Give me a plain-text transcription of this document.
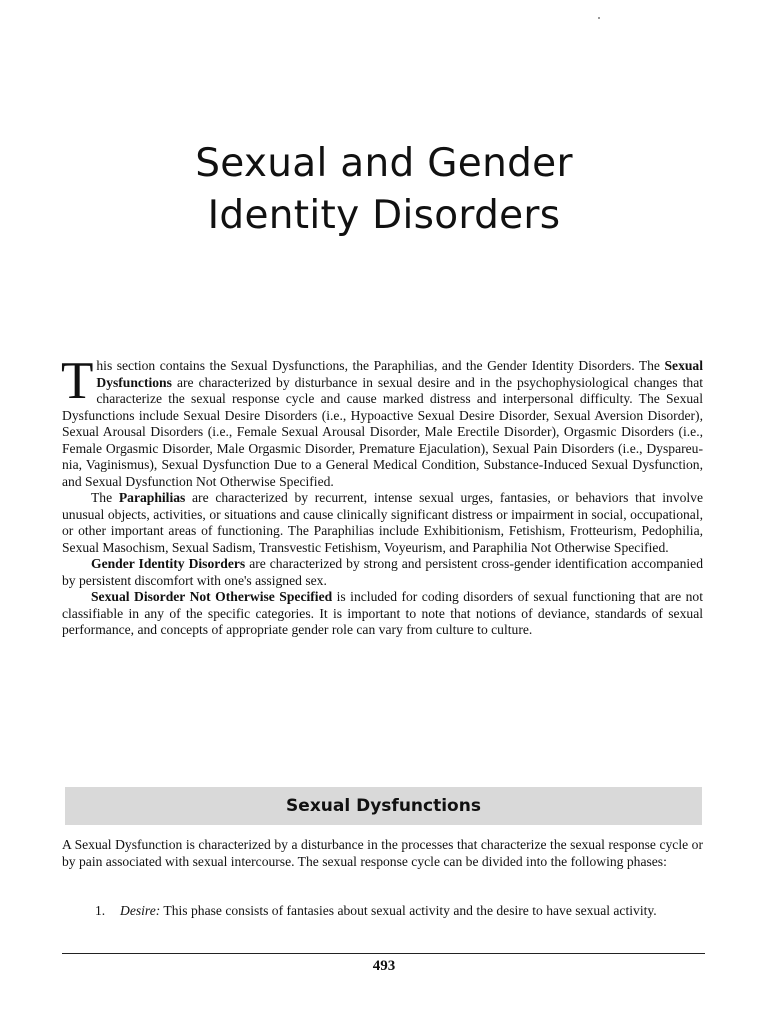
Sexual and Gender
Identity Disorders

This section contains the Sexual Dysfunctions, the Paraphilias, and the Gender Identity Disorders. The Sexual Dysfunctions are characterized by disturbance in sexual desire and in the psychophysiological changes that characterize the sexual response cycle and cause marked distress and interpersonal difficulty. The Sexual Dysfunctions include Sexual Desire Disorders (i.e., Hypoactive Sexual Desire Disorder, Sexual Aversion Disorder), Sexual Arousal Disorders (i.e., Female Sexual Arousal Disorder, Male Erectile Disorder), Orgasmic Disorders (i.e., Female Orgasmic Disorder, Male Orgasmic Disorder, Premature Ejaculation), Sexual Pain Disorders (i.e., Dyspareu-nia, Vaginismus), Sexual Dysfunction Due to a General Medical Condition, Substance-Induced Sexual Dysfunction, and Sexual Dysfunction Not Otherwise Specified.

The Paraphilias are characterized by recurrent, intense sexual urges, fantasies, or behaviors that involve unusual objects, activities, or situations and cause clinically significant distress or impairment in social, occupational, or other important areas of functioning. The Paraphilias include Exhibitionism, Fetishism, Frotteurism, Pedophilia, Sexual Masochism, Sexual Sadism, Transvestic Fetishism, Voyeurism, and Paraphilia Not Otherwise Specified.

Gender Identity Disorders are characterized by strong and persistent cross-gender identification accompanied by persistent discomfort with one's assigned sex.

Sexual Disorder Not Otherwise Specified is included for coding disorders of sexual functioning that are not classifiable in any of the specific categories. It is important to note that notions of deviance, standards of sexual performance, and concepts of appropriate gender role can vary from culture to culture.

Sexual Dysfunctions

A Sexual Dysfunction is characterized by a disturbance in the processes that characterize the sexual response cycle or by pain associated with sexual intercourse. The sexual response cycle can be divided into the following phases:

1. Desire: This phase consists of fantasies about sexual activity and the desire to have sexual activity.
493
